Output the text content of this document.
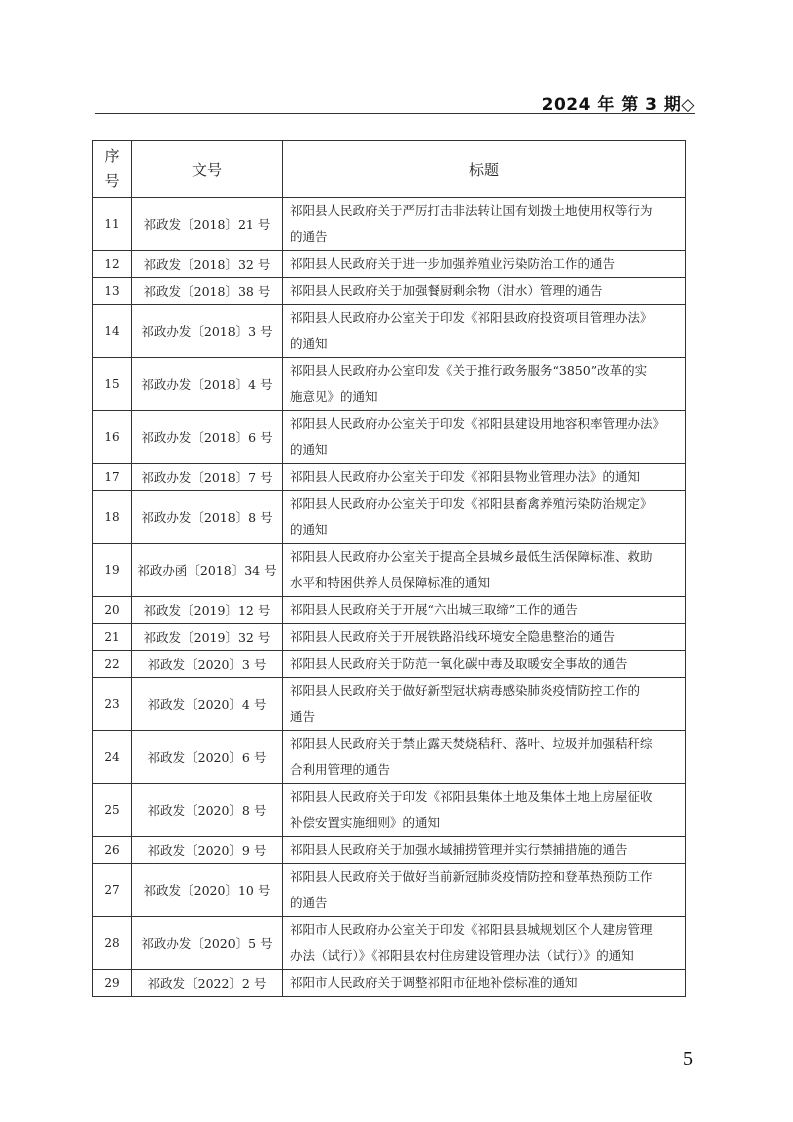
2024 年 第 3 期◇
序
号	文号	标题
11	祁政发〔2018〕21 号	祁阳县人民政府关于严厉打击非法转让国有划拨土地使用权等行为
的通告

12	祁政发〔2018〕32 号	祁阳县人民政府关于进一步加强养殖业污染防治工作的通告

13	祁政发〔2018〕38 号	祁阳县人民政府关于加强餐厨剩余物（泔水）管理的通告

14	祁政办发〔2018〕3 号	祁阳县人民政府办公室关于印发《祁阳县政府投资项目管理办法》
的通知

15	祁政办发〔2018〕4 号	祁阳县人民政府办公室印发《关于推行政务服务“3850”改革的实
施意见》的通知

16	祁政办发〔2018〕6 号	祁阳县人民政府办公室关于印发《祁阳县建设用地容积率管理办法》
的通知

17	祁政办发〔2018〕7 号	祁阳县人民政府办公室关于印发《祁阳县物业管理办法》的通知

18	祁政办发〔2018〕8 号	祁阳县人民政府办公室关于印发《祁阳县畜禽养殖污染防治规定》
的通知

19	祁政办函〔2018〕34 号	祁阳县人民政府办公室关于提高全县城乡最低生活保障标准、救助
水平和特困供养人员保障标准的通知

20	祁政发〔2019〕12 号	祁阳县人民政府关于开展“六出城三取缔”工作的通告

21	祁政发〔2019〕32 号	祁阳县人民政府关于开展铁路沿线环境安全隐患整治的通告

22	祁政发〔2020〕3 号	祁阳县人民政府关于防范一氧化碳中毒及取暖安全事故的通告

23	祁政发〔2020〕4 号	祁阳县人民政府关于做好新型冠状病毒感染肺炎疫情防控工作的
通告

24	祁政发〔2020〕6 号	祁阳县人民政府关于禁止露天焚烧秸秆、落叶、垃圾并加强秸秆综
合利用管理的通告

25	祁政发〔2020〕8 号	祁阳县人民政府关于印发《祁阳县集体土地及集体土地上房屋征收
补偿安置实施细则》的通知

26	祁政发〔2020〕9 号	祁阳县人民政府关于加强水域捕捞管理并实行禁捕措施的通告

27	祁政发〔2020〕10 号	祁阳县人民政府关于做好当前新冠肺炎疫情防控和登革热预防工作
的通告

28	祁政办发〔2020〕5 号	祁阳市人民政府办公室关于印发《祁阳县县城规划区个人建房管理
办法（试行）》《祁阳县农村住房建设管理办法（试行）》的通知

29	祁政发〔2022〕2 号	祁阳市人民政府关于调整祁阳市征地补偿标准的通知
5
